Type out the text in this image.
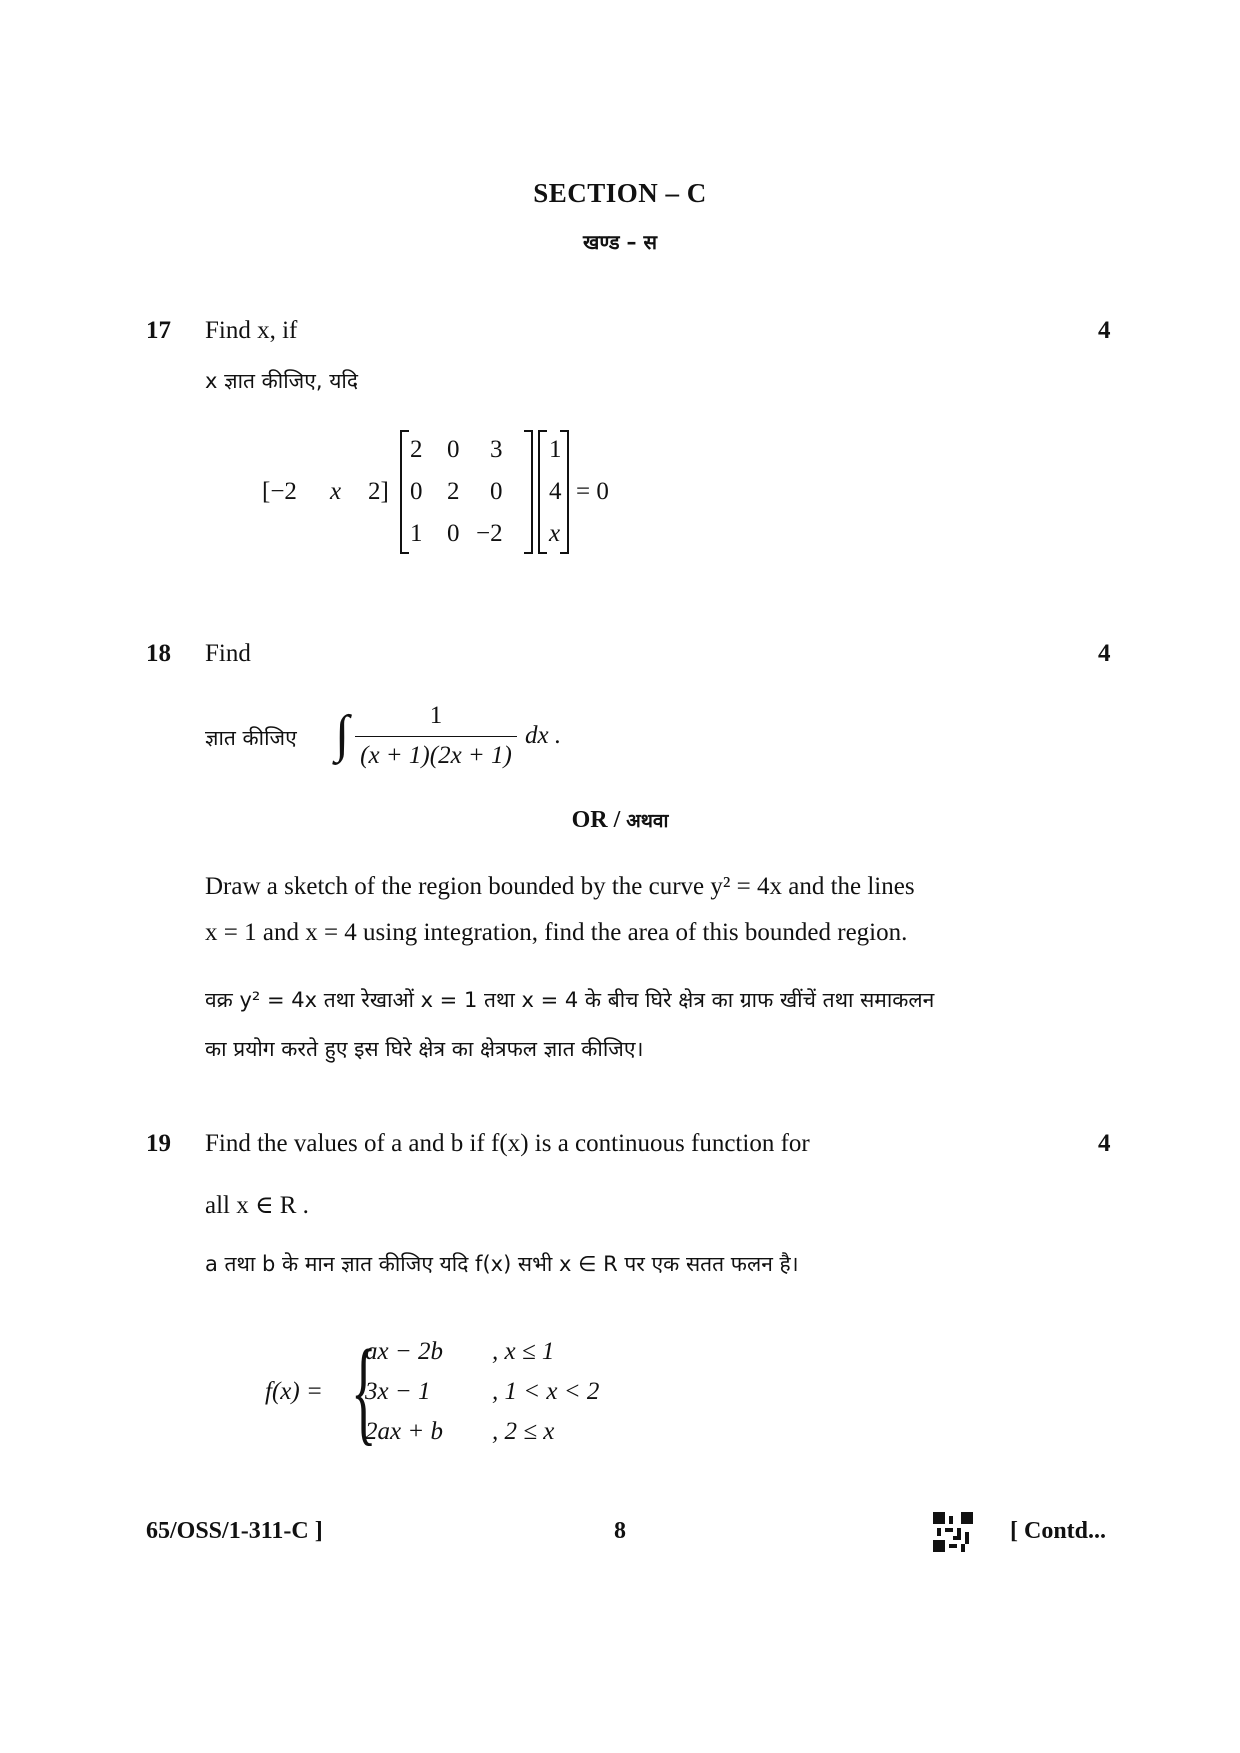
SECTION – C
खण्ड – स
17 Find x, if	4
x ज्ञात कीजिए, यदि
[−2 x 2]
2 0 3
0 2 0
1 0 −2
1
4
x
= 0
18 Find	4
ज्ञात कीजिए ∫	1
(x + 1)(2x + 1)
dx .
OR / अथवा
Draw a sketch of the region bounded by the curve y² = 4x and the lines
x = 1 and x = 4 using integration, find the area of this bounded region.
वक्र y² = 4x तथा रेखाओं x = 1 तथा x = 4 के बीच घिरे क्षेत्र का ग्राफ खींचें तथा समाकलन
का प्रयोग करते हुए इस घिरे क्षेत्र का क्षेत्रफल ज्ञात कीजिए।
19 Find the values of a and b if f(x) is a continuous function for	4
all x ∈ R .
a तथा b के मान ज्ञात कीजिए यदि f(x) सभी x ∈ R पर एक सतत फलन है।
f(x) = {
ax − 2b , x ≤ 1
3x − 1 , 1 < x < 2
2ax + b , 2 ≤ x
65/OSS/1-311-C ]	8	[ Contd...
